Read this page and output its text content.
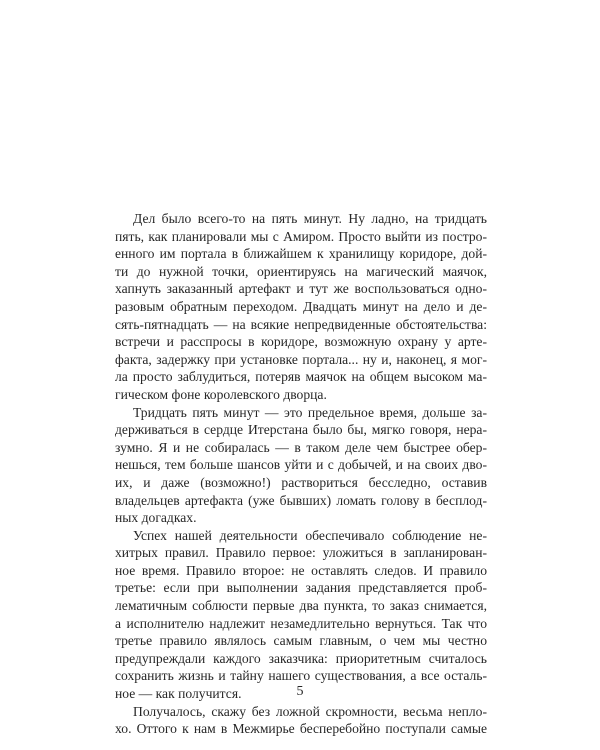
Дел было всего-то на пять минут. Ну ладно, на тридцать
пять, как планировали мы с Амиром. Просто выйти из постро-
енного им портала в ближайшем к хранилищу коридоре, дой-
ти до нужной точки, ориентируясь на магический маячок,
хапнуть заказанный артефакт и тут же воспользоваться одно-
разовым обратным переходом. Двадцать минут на дело и де-
сять-пятнадцать — на всякие непредвиденные обстоятельства:
встречи и расспросы в коридоре, возможную охрану у арте-
факта, задержку при установке портала... ну и, наконец, я мог-
ла просто заблудиться, потеряв маячок на общем высоком ма-
гическом фоне королевского дворца.
Тридцать пять минут — это предельное время, дольше за-
держиваться в сердце Итерстана было бы, мягко говоря, нера-
зумно. Я и не собиралась — в таком деле чем быстрее обер-
нешься, тем больше шансов уйти и с добычей, и на своих дво-
их, и даже (возможно!) раствориться бесследно, оставив
владельцев артефакта (уже бывших) ломать голову в бесплод-
ных догадках.
Успех нашей деятельности обеспечивало соблюдение не-
хитрых правил. Правило первое: уложиться в запланирован-
ное время. Правило второе: не оставлять следов. И правило
третье: если при выполнении задания представляется проб-
лематичным соблюсти первые два пункта, то заказ снимается,
а исполнителю надлежит незамедлительно вернуться. Так что
третье правило являлось самым главным, о чем мы честно
предупреждали каждого заказчика: приоритетным считалось
сохранить жизнь и тайну нашего существования, а все осталь-
ное — как получится.
Получалось, скажу без ложной скромности, весьма непло-
хо. Оттого к нам в Межмирье бесперебойно поступали самые
5
